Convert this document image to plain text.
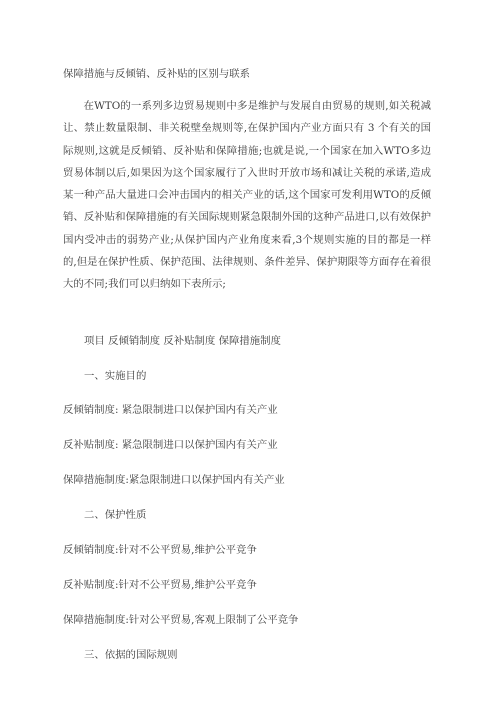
保障措施与反倾销、反补贴的区别与联系
在WTO的一系列多边贸易规则中多是维护与发展自由贸易的规则,如关税减让、禁止数量限制、非关税壁垒规则等,在保护国内产业方面只有 3 个有关的国际规则,这就是反倾销、反补贴和保障措施;也就是说,一个国家在加入WTO多边贸易体制以后,如果因为这个国家履行了入世时开放市场和减让关税的承诺,造成某一种产品大量进口会冲击国内的相关产业的话,这个国家可发利用WTO的反倾销、反补贴和保障措施的有关国际规则紧急限制外国的这种产品进口,以有效保护国内受冲击的弱势产业;从保护国内产业角度来看,3个规则实施的目的都是一样的,但是在保护性质、保护范围、法律规则、条件差异、保护期限等方面存在着很大的不同;我们可以归纳如下表所示;
项目 反倾销制度 反补贴制度 保障措施制度
一、实施目的
反倾销制度: 紧急限制进口以保护国内有关产业
反补贴制度: 紧急限制进口以保护国内有关产业
保障措施制度:紧急限制进口以保护国内有关产业
二、保护性质
反倾销制度:针对不公平贸易,维护公平竞争
反补贴制度:针对不公平贸易,维护公平竞争
保障措施制度:针对公平贸易,客观上限制了公平竞争
三、依据的国际规则
